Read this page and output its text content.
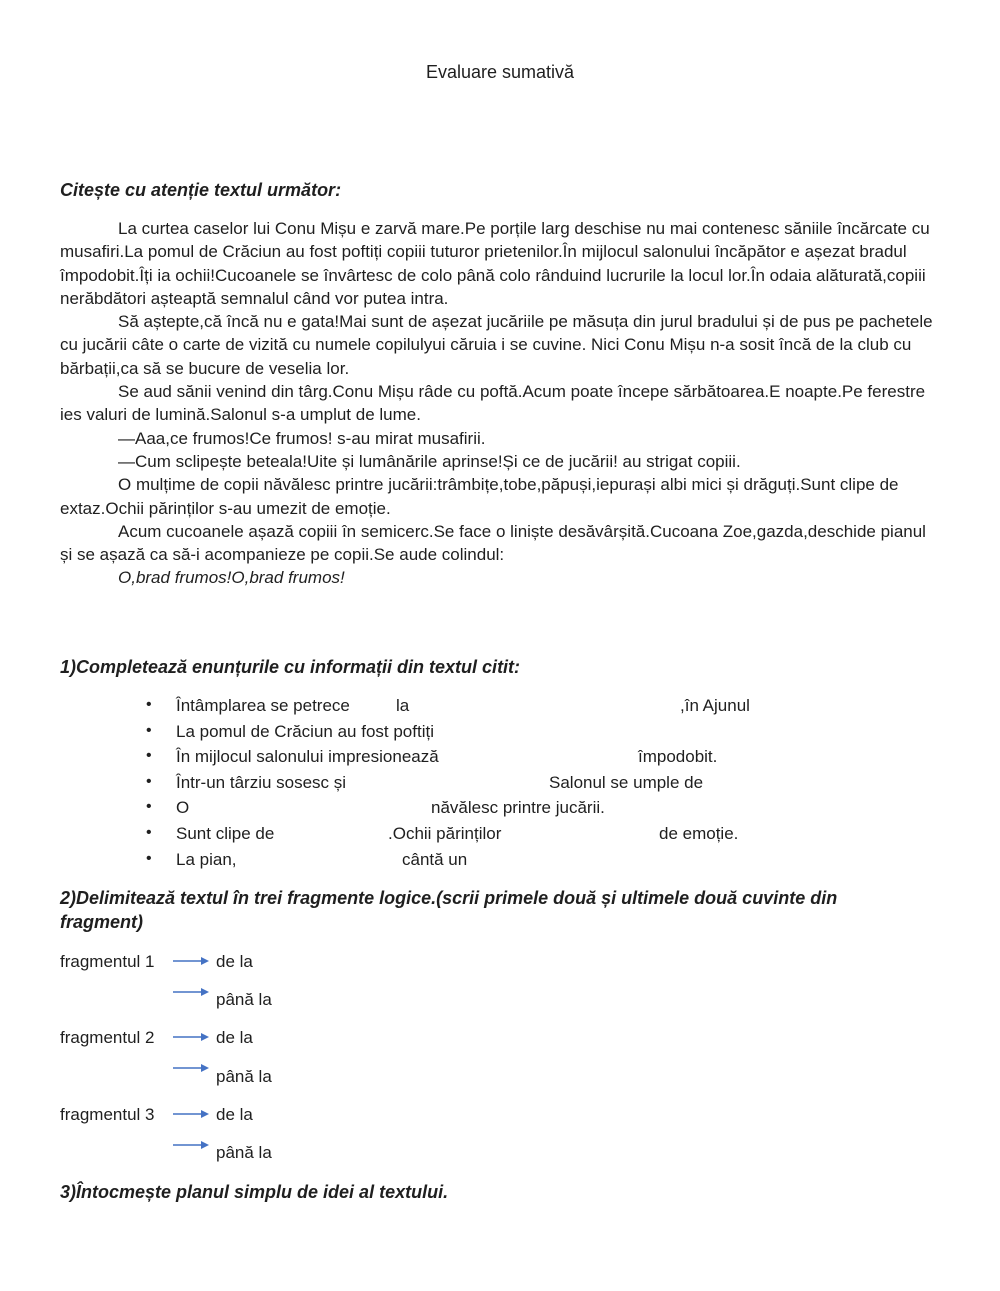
Evaluare sumativă
Citește cu atenție textul următor:

La curtea caselor lui Conu Mișu e zarvă mare.Pe porțile larg deschise nu mai contenesc săniile încărcate cu musafiri.La pomul de Crăciun au fost poftiți copiii tuturor prietenilor.În mijlocul salonului încăpător e așezat bradul împodobit.Îți ia ochii!Cucoanele se învârtesc de colo până colo rânduind lucrurile la locul lor.În odaia alăturată,copiii nerăbdători așteaptă semnalul când vor putea intra.

Să aștepte,că încă nu e gata!Mai sunt de așezat jucăriile pe măsuța din jurul bradului și de pus pe pachetele cu jucării câte o carte de vizită cu numele copilulyui căruia i se cuvine. Nici Conu Mișu n-a sosit încă de la club cu bărbații,ca să se bucure de veselia lor.

Se aud sănii venind din târg.Conu Mișu râde cu poftă.Acum poate începe sărbătoarea.E noapte.Pe ferestre ies valuri de lumină.Salonul s-a umplut de lume.

—Aaa,ce frumos!Ce frumos! s-au mirat musafirii.

—Cum sclipește beteala!Uite și lumânările aprinse!Și ce de jucării! au strigat copiii.

O mulțime de copii năvălesc printre jucării:trâmbițe,tobe,păpuși,iepurași albi mici și drăguți.Sunt clipe de extaz.Ochii părinților s-au umezit de emoție.

Acum cucoanele așază copiii în semicerc.Se face o liniște desăvârșită.Cucoana Zoe,gazda,deschide pianul și se așază ca să-i acompanieze pe copii.Se aude colindul:

O,brad frumos!O,brad frumos!

1)Completează enunțurile cu informații din textul citit:
• Întâmplarea se petrece	la	,în Ajunul
• La pomul de Crăciun au fost poftiți
• În mijlocul salonului impresionează	împodobit.
• Într-un târziu sosesc și	Salonul se umple de
• O	năvălesc printre jucării.
• Sunt clipe de	.Ochii părinților	de emoție.
• La pian,	cântă un
2)Delimitează textul în trei fragmente logice.(scrii primele două și ultimele două cuvinte din
fragment)
fragmentul 1	de la
până la
fragmentul 2	de la
până la
fragmentul 3	de la
până la
3)Întocmește planul simplu de idei al textului.
